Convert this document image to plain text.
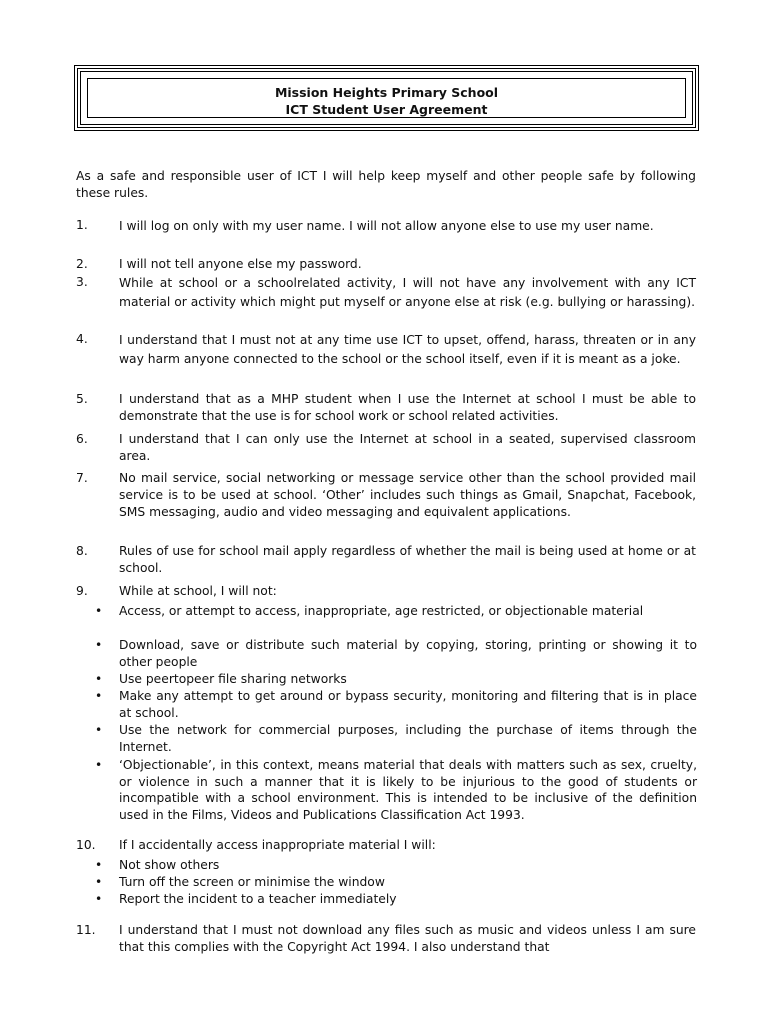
Mission Heights Primary School
ICT Student User Agreement
As a safe and responsible user of ICT I will help keep myself and other people safe by following these rules.
1.	I will log on only with my user name. I will not allow anyone else to use my user name.
2.	I will not tell anyone else my password.
3.	While at school or a schoolrelated activity, I will not have any involvement with any ICT material or activity which might put myself or anyone else at risk (e.g. bullying or harassing).
4.	I understand that I must not at any time use ICT to upset, offend, harass, threaten or in any way harm anyone connected to the school or the school itself, even if it is meant as a joke.
5.	I understand that as a MHP student when I use the Internet at school I must be able to demonstrate that the use is for school work or school related activities.
6.	I understand that I can only use the Internet at school in a seated, supervised classroom area.
7.	No mail service, social networking or message service other than the school provided mail service is to be used at school. ‘Other’ includes such things as Gmail, Snapchat, Facebook, SMS messaging, audio and video messaging and equivalent applications.
8.	Rules of use for school mail apply regardless of whether the mail is being used at home or at school.
9.	While at school, I will not:
•	Access, or attempt to access, inappropriate, age restricted, or objectionable material
•	Download, save or distribute such material by copying, storing, printing or showing it to other people
•	Use peertopeer file sharing networks
•	Make any attempt to get around or bypass security, monitoring and filtering that is in place at school.
•	Use the network for commercial purposes, including the purchase of items through the Internet.
•	‘Objectionable’, in this context, means material that deals with matters such as sex, cruelty, or violence in such a manner that it is likely to be injurious to the good of students or incompatible with a school environment. This is intended to be inclusive of the definition used in the Films, Videos and Publications Classification Act 1993.
10.	If I accidentally access inappropriate material I will:
•	Not show others
•	Turn off the screen or minimise the window
•	Report the incident to a teacher immediately
11.	I understand that I must not download any files such as music and videos unless I am sure that this complies with the Copyright Act 1994. I also understand that
